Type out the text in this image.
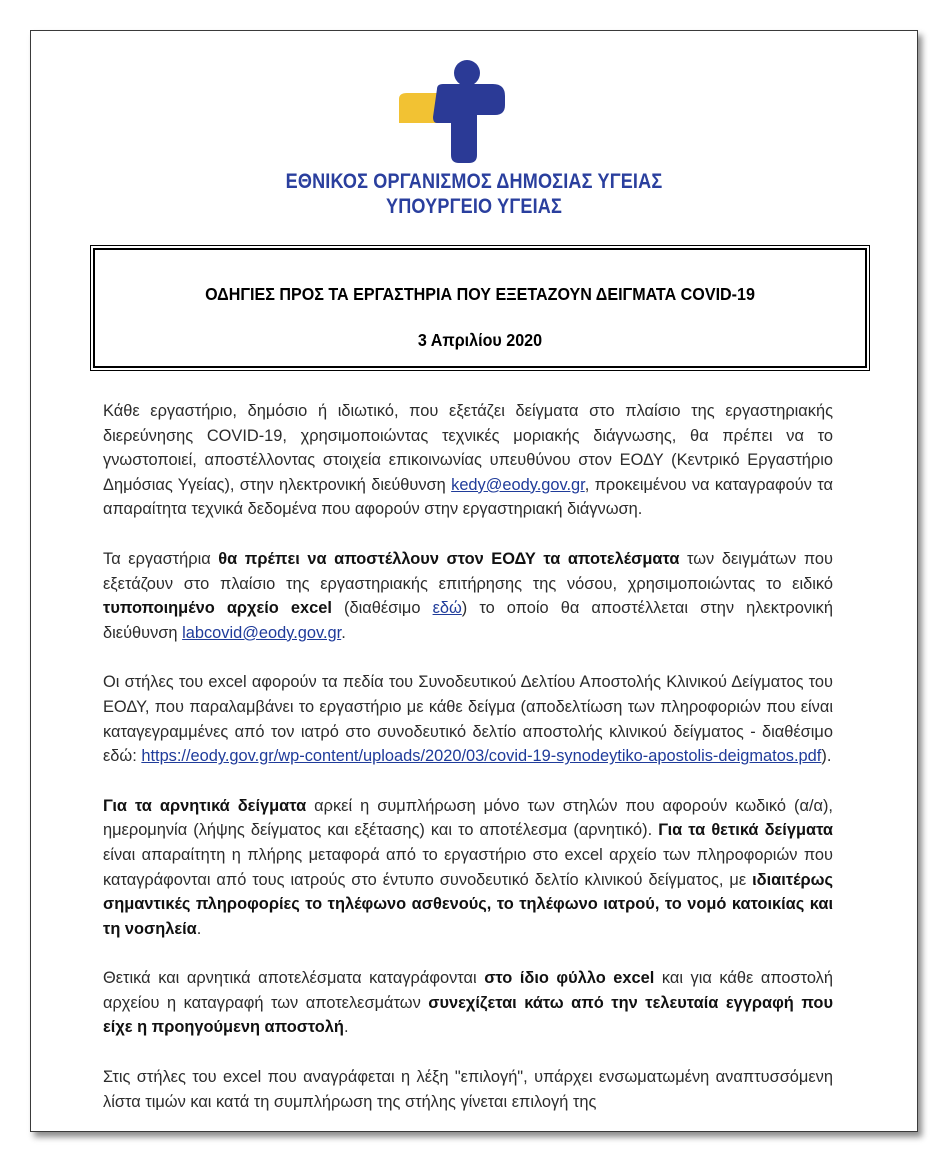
ΕΘΝΙΚΟΣ ΟΡΓΑΝΙΣΜΟΣ ΔΗΜΟΣΙΑΣ ΥΓΕΙΑΣ
ΥΠΟΥΡΓΕΙΟ ΥΓΕΙΑΣ
ΟΔΗΓΙΕΣ ΠΡΟΣ ΤΑ ΕΡΓΑΣΤΗΡΙΑ ΠΟΥ ΕΞΕΤΑΖΟΥΝ ΔΕΙΓΜΑΤΑ COVID-19
3 Απριλίου 2020

Κάθε εργαστήριο, δημόσιο ή ιδιωτικό, που εξετάζει δείγματα στο πλαίσιο της εργαστηριακής διερεύνησης COVID-19, χρησιμοποιώντας τεχνικές μοριακής διάγνωσης, θα πρέπει να το γνωστοποιεί, αποστέλλοντας στοιχεία επικοινωνίας υπευθύνου στον ΕΟΔΥ (Κεντρικό Εργαστήριο Δημόσιας Υγείας), στην ηλεκτρονική διεύθυνση kedy@eody.gov.gr, προκειμένου να καταγραφούν τα απαραίτητα τεχνικά δεδομένα που αφορούν στην εργαστηριακή διάγνωση.

Τα εργαστήρια θα πρέπει να αποστέλλουν στον ΕΟΔΥ τα αποτελέσματα των δειγμάτων που εξετάζουν στο πλαίσιο της εργαστηριακής επιτήρησης της νόσου, χρησιμοποιώντας το ειδικό τυποποιημένο αρχείο excel (διαθέσιμο εδώ) το οποίο θα αποστέλλεται στην ηλεκτρονική διεύθυνση labcovid@eody.gov.gr.

Οι στήλες του excel αφορούν τα πεδία του Συνοδευτικού Δελτίου Αποστολής Κλινικού Δείγματος του ΕΟΔΥ, που παραλαμβάνει το εργαστήριο με κάθε δείγμα (αποδελτίωση των πληροφοριών που είναι καταγεγραμμένες από τον ιατρό στο συνοδευτικό δελτίο αποστολής κλινικού δείγματος - διαθέσιμο εδώ: https://eody.gov.gr/wp-content/uploads/2020/03/covid-19-synodeytiko-apostolis-deigmatos.pdf).

Για τα αρνητικά δείγματα αρκεί η συμπλήρωση μόνο των στηλών που αφορούν κωδικό (α/α), ημερομηνία (λήψης δείγματος και εξέτασης) και το αποτέλεσμα (αρνητικό). Για τα θετικά δείγματα είναι απαραίτητη η πλήρης μεταφορά από το εργαστήριο στο excel αρχείο των πληροφοριών που καταγράφονται από τους ιατρούς στο έντυπο συνοδευτικό δελτίο κλινικού δείγματος, με ιδιαιτέρως σημαντικές πληροφορίες το τηλέφωνο ασθενούς, το τηλέφωνο ιατρού, το νομό κατοικίας και τη νοσηλεία.

Θετικά και αρνητικά αποτελέσματα καταγράφονται στο ίδιο φύλλο excel και για κάθε αποστολή αρχείου η καταγραφή των αποτελεσμάτων συνεχίζεται κάτω από την τελευταία εγγραφή που είχε η προηγούμενη αποστολή.

Στις στήλες του excel που αναγράφεται η λέξη "επιλογή", υπάρχει ενσωματωμένη αναπτυσσόμενη λίστα τιμών και κατά τη συμπλήρωση της στήλης γίνεται επιλογή της
